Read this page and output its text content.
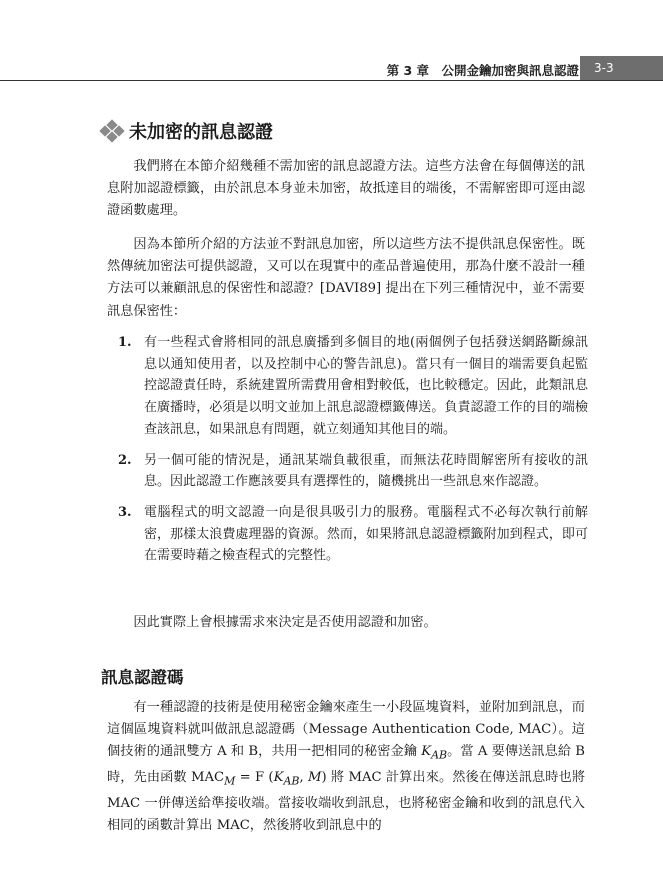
第 3 章　公開金鑰加密與訊息認證	3-3
未加密的訊息認證

我們將在本節介紹幾種不需加密的訊息認證方法。這些方法會在每個傳送的訊息附加認證標籤，由於訊息本身並未加密，故抵達目的端後，不需解密即可逕由認證函數處理。

因為本節所介紹的方法並不對訊息加密，所以這些方法不提供訊息保密性。既然傳統加密法可提供認證，又可以在現實中的產品普遍使用，那為什麼不設計一種方法可以兼顧訊息的保密性和認證？[DAVI89] 提出在下列三種情況中，並不需要訊息保密性：

1. 有一些程式會將相同的訊息廣播到多個目的地(兩個例子包括發送網路斷線訊息以通知使用者，以及控制中心的警告訊息)。當只有一個目的端需要負起監控認證責任時，系統建置所需費用會相對較低，也比較穩定。因此，此類訊息在廣播時，必須是以明文並加上訊息認證標籤傳送。負責認證工作的目的端檢查該訊息，如果訊息有問題，就立刻通知其他目的端。
2. 另一個可能的情況是，通訊某端負載很重，而無法花時間解密所有接收的訊息。因此認證工作應該要具有選擇性的，隨機挑出一些訊息來作認證。
3. 電腦程式的明文認證一向是很具吸引力的服務。電腦程式不必每次執行前解密，那樣太浪費處理器的資源。然而，如果將訊息認證標籤附加到程式，即可在需要時藉之檢查程式的完整性。

因此實際上會根據需求來決定是否使用認證和加密。

訊息認證碼

有一種認證的技術是使用秘密金鑰來產生一小段區塊資料，並附加到訊息，而這個區塊資料就叫做訊息認證碼（Message Authentication Code, MAC）。這個技術的通訊雙方 A 和 B，共用一把相同的秘密金鑰 $K_{AB}$。當 A 要傳送訊息給 B 時，先由函數 $MAC_M = F$ ($K_{AB}$, M) 將 MAC 計算出來。然後在傳送訊息時也將 MAC 一併傳送給準接收端。當接收端收到訊息，也將秘密金鑰和收到的訊息代入相同的函數計算出 MAC，然後將收到訊息中的
